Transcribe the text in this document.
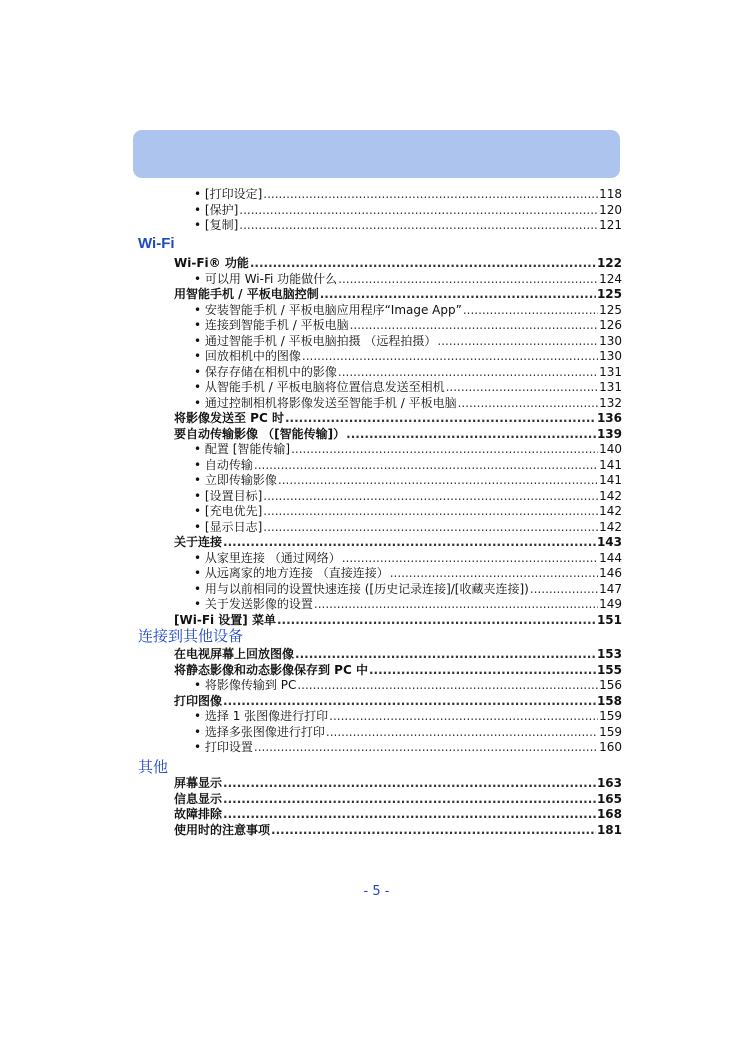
• [打印设定] .....	118
• [保护] .....	120
• [复制] .....	121
Wi-Fi
Wi-Fi® 功能 .....	122
• 可以用 Wi-Fi 功能做什么 .....	124
用智能手机 / 平板电脑控制 .....	125
• 安装智能手机 / 平板电脑应用程序“Image App” .....	125
• 连接到智能手机 / 平板电脑 .....	126
• 通过智能手机 / 平板电脑拍摄 （远程拍摄） .....	130
• 回放相机中的图像 .....	130
• 保存存储在相机中的影像 .....	131
• 从智能手机 / 平板电脑将位置信息发送至相机 .....	131
• 通过控制相机将影像发送至智能手机 / 平板电脑 .....	132
将影像发送至 PC 时 .....	136
要自动传输影像 （[智能传输]） .....	139
• 配置 [智能传输] .....	140
• 自动传输 .....	141
• 立即传输影像 .....	141
• [设置目标] .....	142
• [充电优先] .....	142
• [显示日志] .....	142
关于连接 .....	143
• 从家里连接 （通过网络） .....	144
• 从远离家的地方连接 （直接连接） .....	146
• 用与以前相同的设置快速连接 ([历史记录连接]/[收藏夹连接]) .....	147
• 关于发送影像的设置 .....	149
[Wi-Fi 设置] 菜单 .....	151
连接到其他设备
在电视屏幕上回放图像 .....	153
将静态影像和动态影像保存到 PC 中 .....	155
• 将影像传输到 PC .....	156
打印图像 .....	158
• 选择 1 张图像进行打印 .....	159
• 选择多张图像进行打印 .....	159
• 打印设置 .....	160
其他
屏幕显示 .....	163
信息显示 .....	165
故障排除 .....	168
使用时的注意事项 .....	181
- 5 -
